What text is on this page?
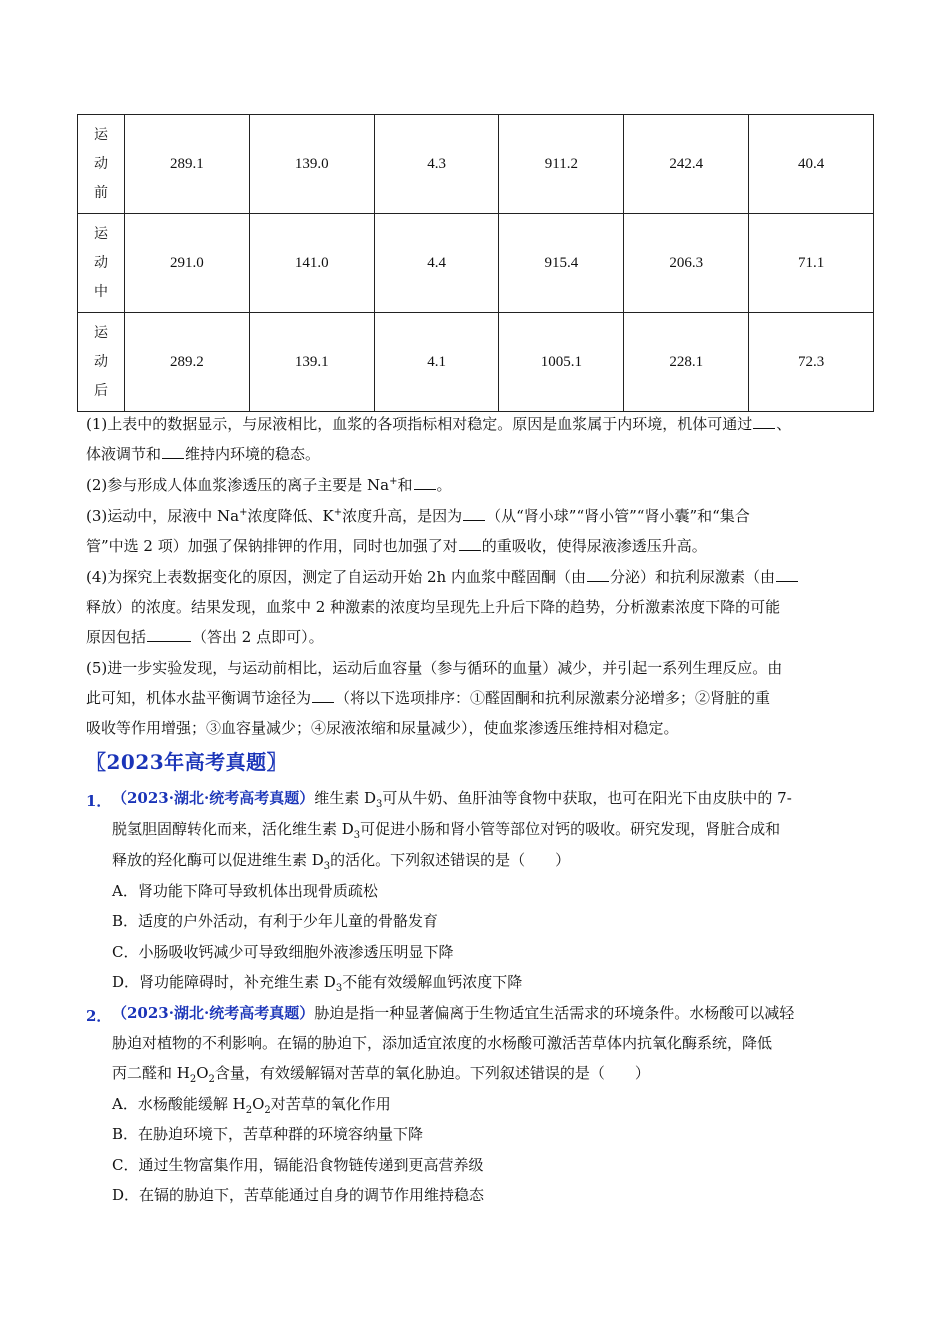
运
动
前	289.1	139.0	4.3	911.2	242.4	40.4

运
动
中	291.0	141.0	4.4	915.4	206.3	71.1

运
动
后	289.2	139.1	4.1	1005.1	228.1	72.3

(1)上表中的数据显示，与尿液相比，血浆的各项指标相对稳定。原因是血浆属于内环境，机体可通过 、

体液调节和 维持内环境的稳态。

(2)参与形成人体血浆渗透压的离子主要是 Na+和 。

(3)运动中，尿液中 Na+浓度降低、K+浓度升高，是因为 （从“肾小球”“肾小管”“肾小囊”和“集合

管”中选 2 项）加强了保钠排钾的作用，同时也加强了对 的重吸收，使得尿液渗透压升高。

(4)为探究上表数据变化的原因，测定了自运动开始 2h 内血浆中醛固酮（由 分泌）和抗利尿激素（由

释放）的浓度。结果发现，血浆中 2 种激素的浓度均呈现先上升后下降的趋势，分析激素浓度下降的可能

原因包括	（答出 2 点即可）。

(5)进一步实验发现，与运动前相比，运动后血容量（参与循环的血量）减少，并引起一系列生理反应。由

此可知，机体水盐平衡调节途径为 （将以下选项排序：①醛固酮和抗利尿激素分泌增多；②肾脏的重

吸收等作用增强；③血容量减少；④尿液浓缩和尿量减少），使血浆渗透压维持相对稳定。

〖2023年高考真题〗

1． （2023·湖北·统考高考真题）维生素 $D_3$可从牛奶、鱼肝油等食物中获取，也可在阳光下由皮肤中的 7-
脱氢胆固醇转化而来，活化维生素 $D_3$可促进小肠和肾小管等部位对钙的吸收。研究发现，肾脏合成和
释放的羟化酶可以促进维生素 $D_3$的活化。下列叙述错误的是（　　）
A．肾功能下降可导致机体出现骨质疏松
B．适度的户外活动，有利于少年儿童的骨骼发育
C．小肠吸收钙减少可导致细胞外液渗透压明显下降
D．肾功能障碍时，补充维生素 $D_3$不能有效缓解血钙浓度下降
2． （2023·湖北·统考高考真题）胁迫是指一种显著偏离于生物适宜生活需求的环境条件。水杨酸可以减轻
胁迫对植物的不利影响。在镉的胁迫下，添加适宜浓度的水杨酸可激活苦草体内抗氧化酶系统，降低
丙二醛和 $H_2O_2$含量，有效缓解镉对苦草的氧化胁迫。下列叙述错误的是（　　）
A．水杨酸能缓解 $H_2O_2$对苦草的氧化作用
B．在胁迫环境下，苦草种群的环境容纳量下降
C．通过生物富集作用，镉能沿食物链传递到更高营养级
D．在镉的胁迫下，苦草能通过自身的调节作用维持稳态
